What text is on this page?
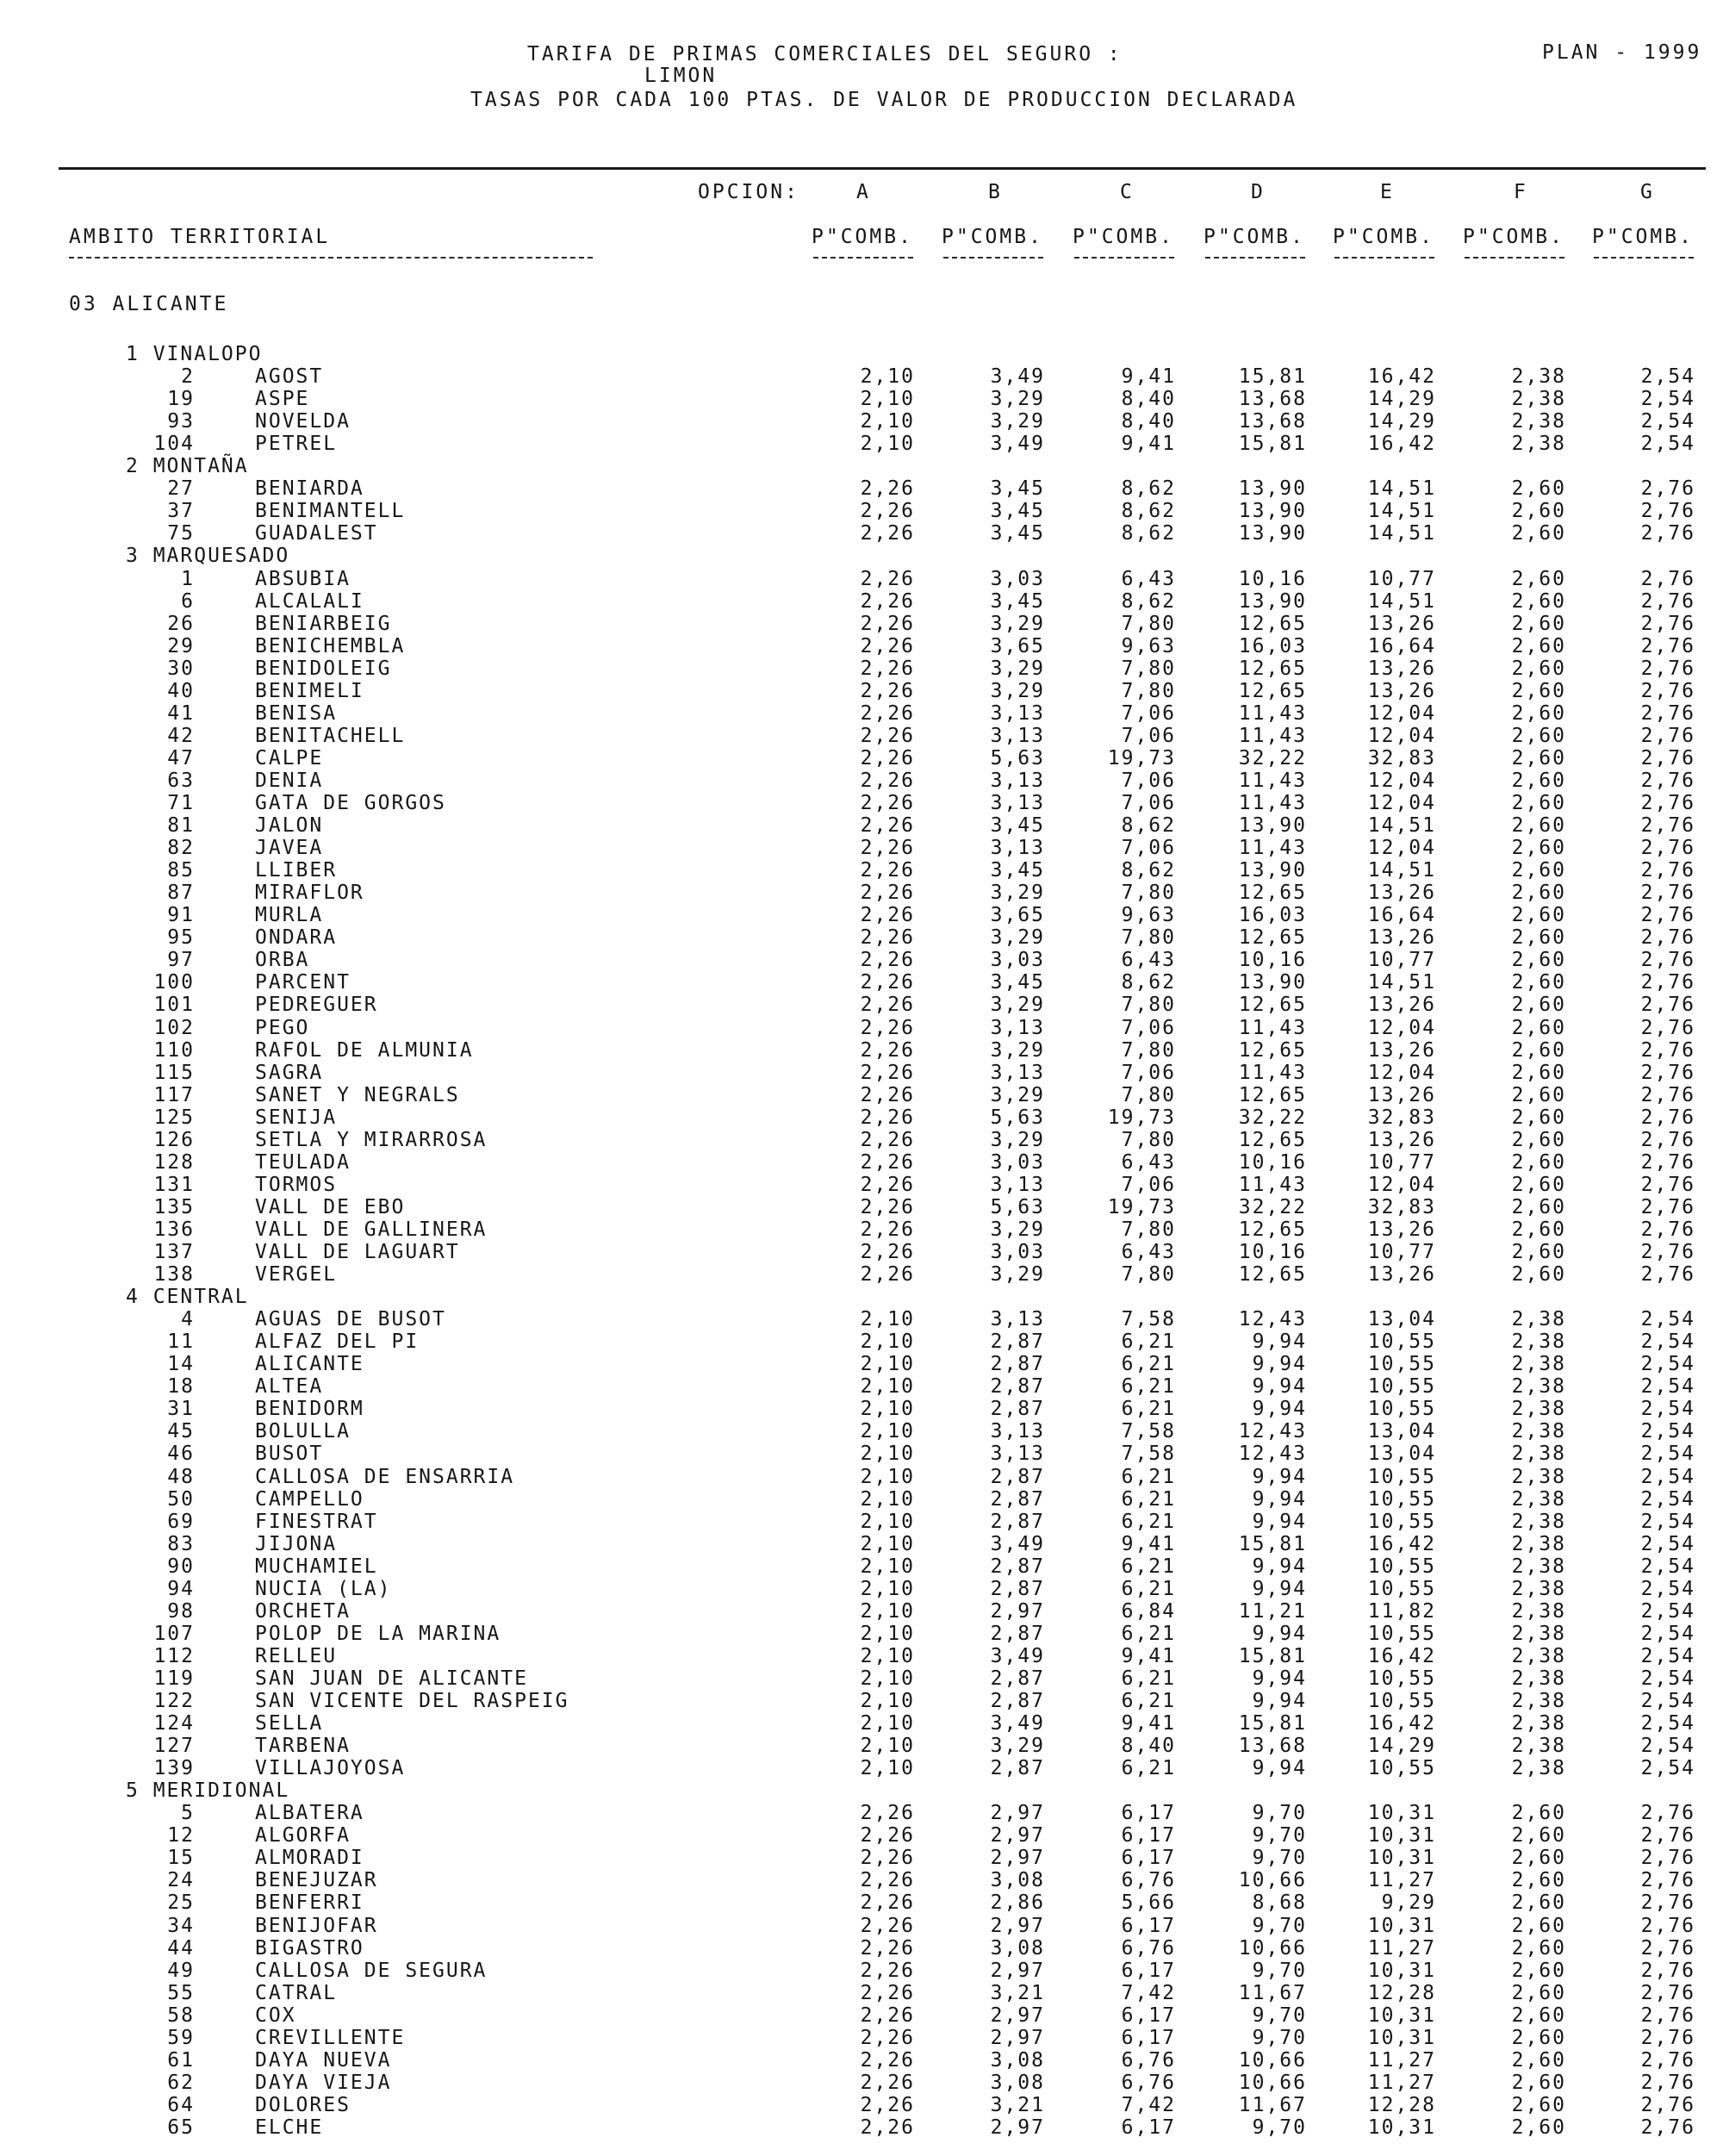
TARIFA DE PRIMAS COMERCIALES DEL SEGURO :
LIMON
TASAS POR CADA 100 PTAS. DE VALOR DE PRODUCCION DECLARADA
PLAN - 1999
OPCION:	A	B	C	D	E	F	G
AMBITO TERRITORIAL	P"COMB. P"COMB. P"COMB. P"COMB. P"COMB. P"COMB. P"COMB.
03 ALICANTE
1 VINALOPO
2	AGOST	2,10	3,49	9,41	15,81	16,42	2,38	2,54
19	ASPE	2,10	3,29	8,40	13,68	14,29	2,38	2,54
93	NOVELDA	2,10	3,29	8,40	13,68	14,29	2,38	2,54
104	PETREL	2,10	3,49	9,41	15,81	16,42	2,38	2,54
2 MONTAÑA
27	BENIARDA	2,26	3,45	8,62	13,90	14,51	2,60	2,76
37	BENIMANTELL	2,26	3,45	8,62	13,90	14,51	2,60	2,76
75	GUADALEST	2,26	3,45	8,62	13,90	14,51	2,60	2,76
3 MARQUESADO
1	ABSUBIA	2,26	3,03	6,43	10,16	10,77	2,60	2,76
6	ALCALALI	2,26	3,45	8,62	13,90	14,51	2,60	2,76
26	BENIARBEIG	2,26	3,29	7,80	12,65	13,26	2,60	2,76
29	BENICHEMBLA	2,26	3,65	9,63	16,03	16,64	2,60	2,76
30	BENIDOLEIG	2,26	3,29	7,80	12,65	13,26	2,60	2,76
40	BENIMELI	2,26	3,29	7,80	12,65	13,26	2,60	2,76
41	BENISA	2,26	3,13	7,06	11,43	12,04	2,60	2,76
42	BENITACHELL	2,26	3,13	7,06	11,43	12,04	2,60	2,76
47	CALPE	2,26	5,63	19,73	32,22	32,83	2,60	2,76
63	DENIA	2,26	3,13	7,06	11,43	12,04	2,60	2,76
71	GATA DE GORGOS	2,26	3,13	7,06	11,43	12,04	2,60	2,76
81	JALON	2,26	3,45	8,62	13,90	14,51	2,60	2,76
82	JAVEA	2,26	3,13	7,06	11,43	12,04	2,60	2,76
85	LLIBER	2,26	3,45	8,62	13,90	14,51	2,60	2,76
87	MIRAFLOR	2,26	3,29	7,80	12,65	13,26	2,60	2,76
91	MURLA	2,26	3,65	9,63	16,03	16,64	2,60	2,76
95	ONDARA	2,26	3,29	7,80	12,65	13,26	2,60	2,76
97	ORBA	2,26	3,03	6,43	10,16	10,77	2,60	2,76
100	PARCENT	2,26	3,45	8,62	13,90	14,51	2,60	2,76
101	PEDREGUER	2,26	3,29	7,80	12,65	13,26	2,60	2,76
102	PEGO	2,26	3,13	7,06	11,43	12,04	2,60	2,76
110	RAFOL DE ALMUNIA	2,26	3,29	7,80	12,65	13,26	2,60	2,76
115	SAGRA	2,26	3,13	7,06	11,43	12,04	2,60	2,76
117	SANET Y NEGRALS	2,26	3,29	7,80	12,65	13,26	2,60	2,76
125	SENIJA	2,26	5,63	19,73	32,22	32,83	2,60	2,76
126	SETLA Y MIRARROSA	2,26	3,29	7,80	12,65	13,26	2,60	2,76
128	TEULADA	2,26	3,03	6,43	10,16	10,77	2,60	2,76
131	TORMOS	2,26	3,13	7,06	11,43	12,04	2,60	2,76
135	VALL DE EBO	2,26	5,63	19,73	32,22	32,83	2,60	2,76
136	VALL DE GALLINERA	2,26	3,29	7,80	12,65	13,26	2,60	2,76
137	VALL DE LAGUART	2,26	3,03	6,43	10,16	10,77	2,60	2,76
138	VERGEL	2,26	3,29	7,80	12,65	13,26	2,60	2,76
4 CENTRAL
4	AGUAS DE BUSOT	2,10	3,13	7,58	12,43	13,04	2,38	2,54
11	ALFAZ DEL PI	2,10	2,87	6,21	9,94	10,55	2,38	2,54
14	ALICANTE	2,10	2,87	6,21	9,94	10,55	2,38	2,54
18	ALTEA	2,10	2,87	6,21	9,94	10,55	2,38	2,54
31	BENIDORM	2,10	2,87	6,21	9,94	10,55	2,38	2,54
45	BOLULLA	2,10	3,13	7,58	12,43	13,04	2,38	2,54
46	BUSOT	2,10	3,13	7,58	12,43	13,04	2,38	2,54
48	CALLOSA DE ENSARRIA	2,10	2,87	6,21	9,94	10,55	2,38	2,54
50	CAMPELLO	2,10	2,87	6,21	9,94	10,55	2,38	2,54
69	FINESTRAT	2,10	2,87	6,21	9,94	10,55	2,38	2,54
83	JIJONA	2,10	3,49	9,41	15,81	16,42	2,38	2,54
90	MUCHAMIEL	2,10	2,87	6,21	9,94	10,55	2,38	2,54
94	NUCIA (LA)	2,10	2,87	6,21	9,94	10,55	2,38	2,54
98	ORCHETA	2,10	2,97	6,84	11,21	11,82	2,38	2,54
107	POLOP DE LA MARINA	2,10	2,87	6,21	9,94	10,55	2,38	2,54
112	RELLEU	2,10	3,49	9,41	15,81	16,42	2,38	2,54
119	SAN JUAN DE ALICANTE	2,10	2,87	6,21	9,94	10,55	2,38	2,54
122	SAN VICENTE DEL RASPEIG	2,10	2,87	6,21	9,94	10,55	2,38	2,54
124	SELLA	2,10	3,49	9,41	15,81	16,42	2,38	2,54
127	TARBENA	2,10	3,29	8,40	13,68	14,29	2,38	2,54
139	VILLAJOYOSA	2,10	2,87	6,21	9,94	10,55	2,38	2,54
5 MERIDIONAL
5	ALBATERA	2,26	2,97	6,17	9,70	10,31	2,60	2,76
12	ALGORFA	2,26	2,97	6,17	9,70	10,31	2,60	2,76
15	ALMORADI	2,26	2,97	6,17	9,70	10,31	2,60	2,76
24	BENEJUZAR	2,26	3,08	6,76	10,66	11,27	2,60	2,76
25	BENFERRI	2,26	2,86	5,66	8,68	9,29	2,60	2,76
34	BENIJOFAR	2,26	2,97	6,17	9,70	10,31	2,60	2,76
44	BIGASTRO	2,26	3,08	6,76	10,66	11,27	2,60	2,76
49	CALLOSA DE SEGURA	2,26	2,97	6,17	9,70	10,31	2,60	2,76
55	CATRAL	2,26	3,21	7,42	11,67	12,28	2,60	2,76
58	COX	2,26	2,97	6,17	9,70	10,31	2,60	2,76
59	CREVILLENTE	2,26	2,97	6,17	9,70	10,31	2,60	2,76
61	DAYA NUEVA	2,26	3,08	6,76	10,66	11,27	2,60	2,76
62	DAYA VIEJA	2,26	3,08	6,76	10,66	11,27	2,60	2,76
64	DOLORES	2,26	3,21	7,42	11,67	12,28	2,60	2,76
65	ELCHE	2,26	2,97	6,17	9,70	10,31	2,60	2,76
